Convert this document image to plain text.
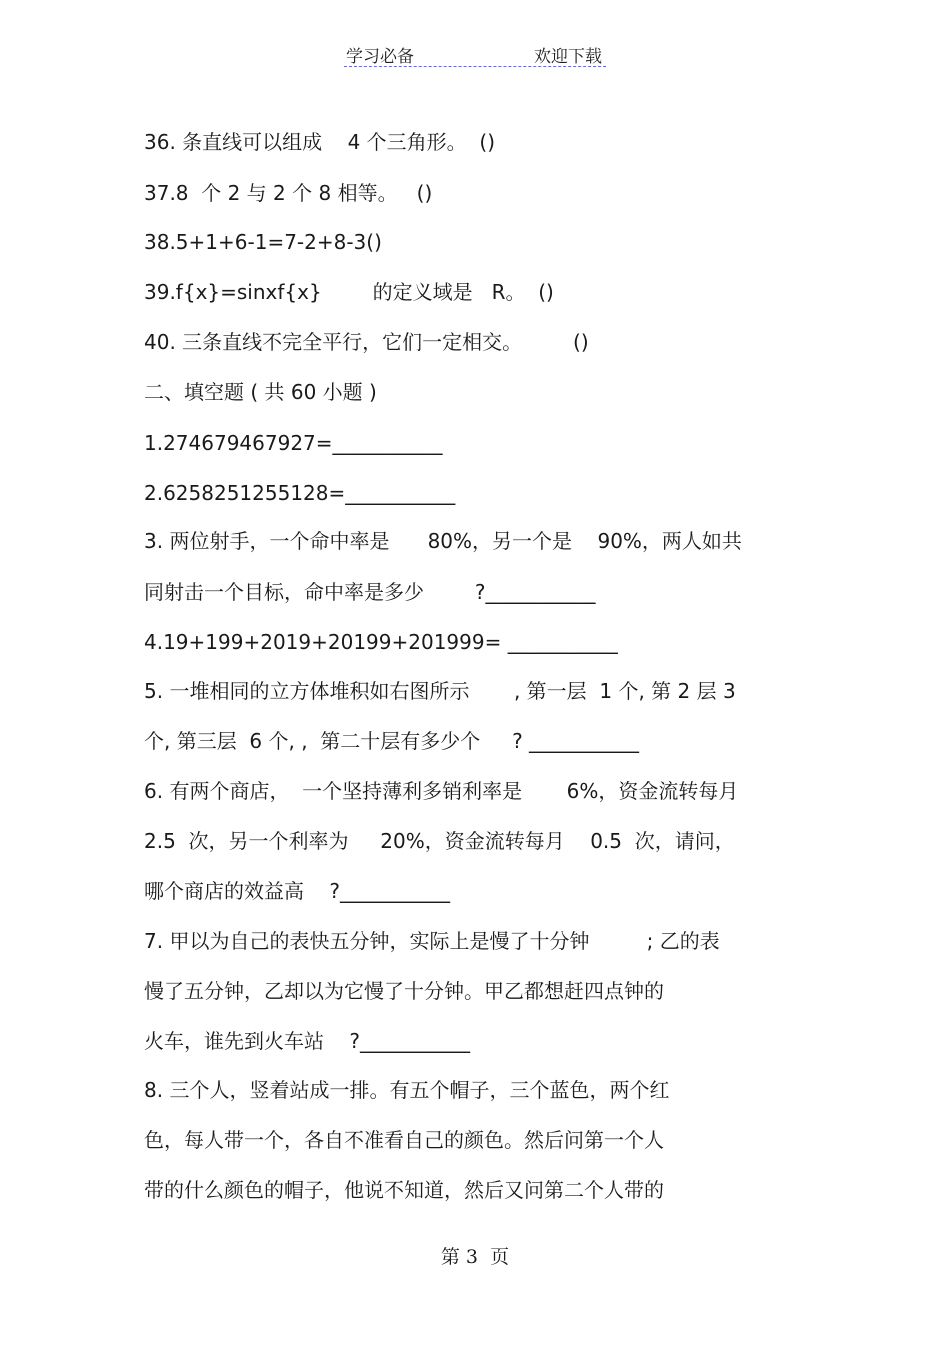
学习必备	欢迎下载
36. 条直线可以组成    4 个三角形。  ()
37.8  个 2 与 2 个 8 相等。   ()
38.5+1+6-1=7-2+8-3()
39.f{x}=sinxf{x}        的定义域是   R。  ()
40. 三条直线不完全平行，它们一定相交。        ()
二、填空题 ( 共 60 小题 )
1.274679467927=___________
2.6258251255128=___________
3. 两位射手，一个命中率是      80%，另一个是    90%，两人如共
同射击一个目标，命中率是多少        ?___________
4.19+199+2019+20199+201999= ___________
5. 一堆相同的立方体堆积如右图所示       , 第一层  1 个, 第 2 层 3
个, 第三层  6 个, ,  第二十层有多少个     ? ___________
6. 有两个商店，  一个坚持薄利多销利率是       6%，资金流转每月
2.5  次，另一个利率为     20%，资金流转每月    0.5  次，请问，
哪个商店的效益高    ?___________
7. 甲以为自己的表快五分钟，实际上是慢了十分钟         ; 乙的表
慢了五分钟，乙却以为它慢了十分钟。甲乙都想赶四点钟的
火车，谁先到火车站    ?___________
8. 三个人，竖着站成一排。有五个帽子，三个蓝色，两个红
色，每人带一个，各自不准看自己的颜色。然后问第一个人
带的什么颜色的帽子，他说不知道，然后又问第二个人带的
第 3  页
